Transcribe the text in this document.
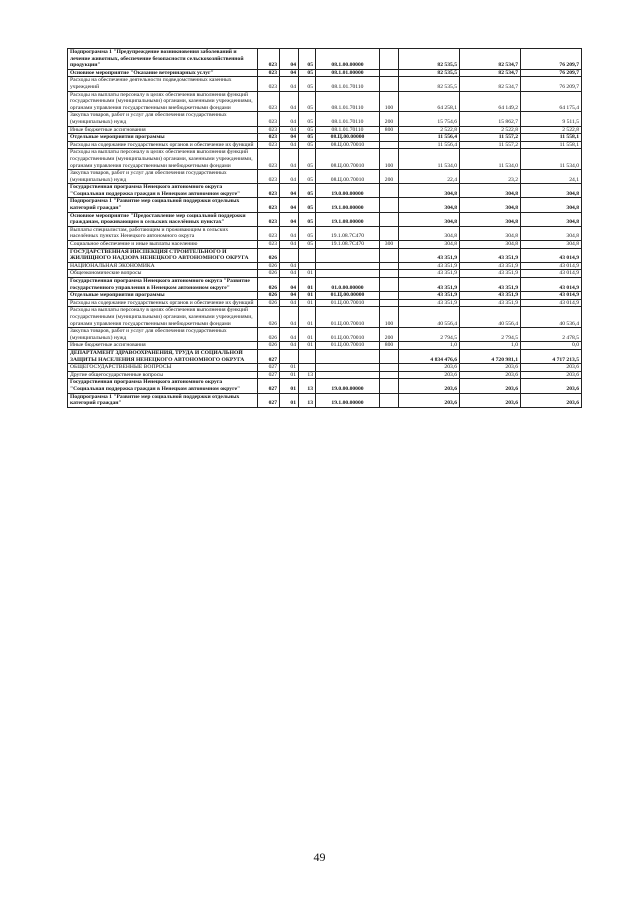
Подпрограмма 1 "Предупреждение возникновения заболеваний и лечение животных, обеспечение безопасности сельскохозяйственной продукции"	023	04	05	08.1.00.00000		82 535,5	82 534,7	76 209,7
Основное мероприятие "Оказание ветеринарных услуг"	023	04	05	08.1.01.00000		82 535,5	82 534,7	76 209,7
Расходы на обеспечение деятельности подведомственных казенных учреждений	023	04	05	08.1.01.70110		82 535,5	82 534,7	76 209,7
Расходы на выплаты персоналу в целях обеспечения выполнения функций государственными (муниципальными) органами, казенными учреждениями, органами управления государственными внебюджетными фондами	023	04	05	08.1.01.70110	100	64 258,1	64 149,2	64 175,4
Закупка товаров, работ и услуг для обеспечения государственных (муниципальных) нужд	023	04	05	08.1.01.70110	200	15 754,6	15 862,7	9 511,5
Иные бюджетные ассигнования	023	04	05	08.1.01.70110	800	2 522,8	2 522,8	2 522,8
Отдельные мероприятия программы	023	04	05	08.Ц.00.00000		11 556,4	11 557,2	11 558,1
Расходы на содержание государственных органов и обеспечение их функций	023	04	05	08.Ц.00.70010		11 556,4	11 557,2	11 558,1
Расходы на выплаты персоналу в целях обеспечения выполнения функций государственными (муниципальными) органами, казенными учреждениями, органами управления государственными внебюджетными фондами	023	04	05	08.Ц.00.70010	100	11 534,0	11 534,0	11 534,0
Закупка товаров, работ и услуг для обеспечения государственных (муниципальных) нужд	023	04	05	08.Ц.00.70010	200	22,4	23,2	24,1
Государственная программа Ненецкого автономного округа "Социальная поддержка граждан в Ненецком автономном округе"	023	04	05	19.0.00.00000		304,8	304,8	304,8
Подпрограмма 1 "Развитие мер социальной поддержки отдельных категорий граждан"	023	04	05	19.1.00.00000		304,8	304,8	304,8
Основное мероприятие "Предоставление мер социальной поддержки гражданам, проживающим в сельских населённых пунктах"	023	04	05	19.1.08.00000		304,8	304,8	304,8
Выплаты специалистам, работающим и проживающим в сельских населённых пунктах Ненецкого автономного округа	023	04	05	19.1.08.7С470		304,8	304,8	304,8
Социальное обеспечение и иные выплаты населению	023	04	05	19.1.08.7С470	300	304,8	304,8	304,8
ГОСУДАРСТВЕННАЯ ИНСПЕКЦИЯ СТРОИТЕЛЬНОГО И ЖИЛИЩНОГО НАДЗОРА НЕНЕЦКОГО АВТОНОМНОГО ОКРУГА	026					43 351,9	43 351,9	43 014,9
НАЦИОНАЛЬНАЯ ЭКОНОМИКА	026	04				43 351,9	43 351,9	43 014,9
Общеэкономические вопросы	026	04	01			43 351,9	43 351,9	43 014,9
Государственная программа Ненецкого автономного округа "Развитие государственного управления в Ненецком автономном округе"	026	04	01	01.0.00.00000		43 351,9	43 351,9	43 014,9
Отдельные мероприятия программы	026	04	01	01.Ц.00.00000		43 351,9	43 351,9	43 014,9
Расходы на содержание государственных органов и обеспечение их функций	026	04	01	01.Ц.00.70010		43 351,9	43 351,9	43 014,9
Расходы на выплаты персоналу в целях обеспечения выполнения функций государственными (муниципальными) органами, казенными учреждениями, органами управления государственными внебюджетными фондами	026	04	01	01.Ц.00.70010	100	40 556,4	40 556,4	40 536,4
Закупка товаров, работ и услуг для обеспечения государственных (муниципальных) нужд	026	04	01	01.Ц.00.70010	200	2 794,5	2 794,5	2 478,5
Иные бюджетные ассигнования	026	04	01	01.Ц.00.70010	800	1,0	1,0	0,0
ДЕПАРТАМЕНТ ЗДРАВООХРАНЕНИЯ, ТРУДА И СОЦИАЛЬНОЙ ЗАЩИТЫ НАСЕЛЕНИЯ НЕНЕЦКОГО АВТОНОМНОГО ОКРУГА	027					4 834 476,6	4 720 981,1	4 717 213,5
ОБЩЕГОСУДАРСТВЕННЫЕ ВОПРОСЫ	027	01				203,6	203,6	203,6
Другие общегосударственные вопросы	027	01	13			203,6	203,6	203,6
Государственная программа Ненецкого автономного округа "Социальная поддержка граждан в Ненецком автономном округе"	027	01	13	19.0.00.00000		203,6	203,6	203,6
Подпрограмма 1 "Развитие мер социальной поддержки отдельных категорий граждан"	027	01	13	19.1.00.00000		203,6	203,6	203,6
49
